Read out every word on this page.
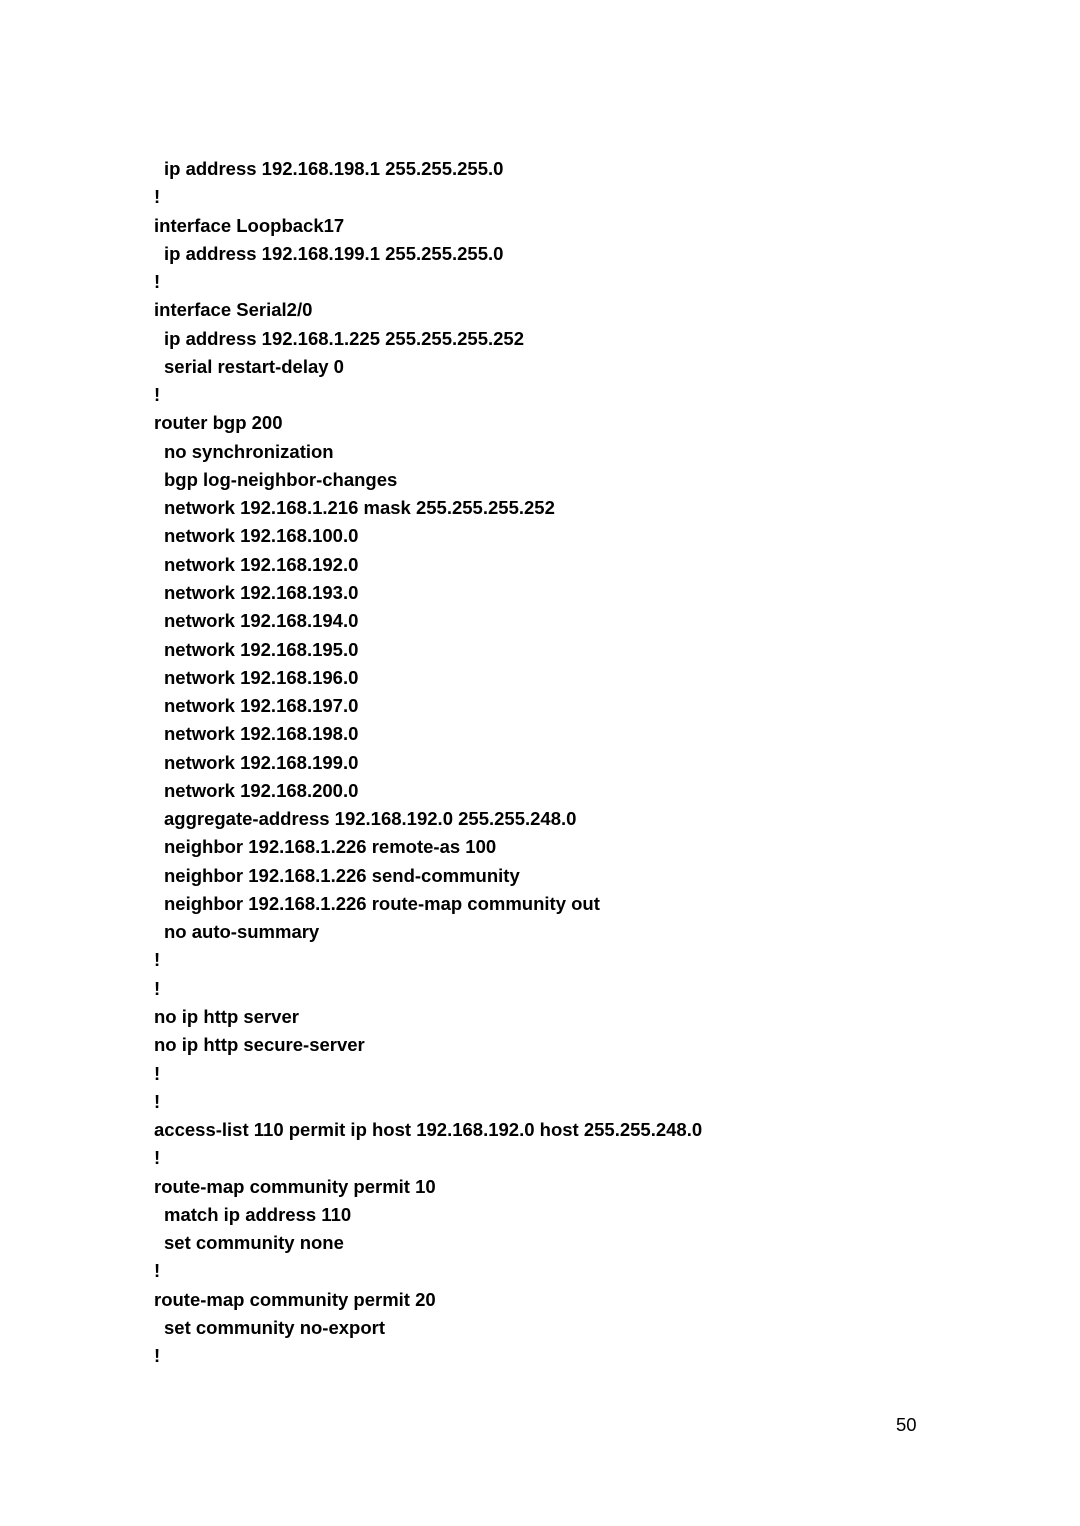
ip address 192.168.198.1 255.255.255.0
!
interface Loopback17
ip address 192.168.199.1 255.255.255.0
!
interface Serial2/0
ip address 192.168.1.225 255.255.255.252
serial restart-delay 0
!
router bgp 200
no synchronization
bgp log-neighbor-changes
network 192.168.1.216 mask 255.255.255.252
network 192.168.100.0
network 192.168.192.0
network 192.168.193.0
network 192.168.194.0
network 192.168.195.0
network 192.168.196.0
network 192.168.197.0
network 192.168.198.0
network 192.168.199.0
network 192.168.200.0
aggregate-address 192.168.192.0 255.255.248.0
neighbor 192.168.1.226 remote-as 100
neighbor 192.168.1.226 send-community
neighbor 192.168.1.226 route-map community out
no auto-summary
!
!
no ip http server
no ip http secure-server
!
!
access-list 110 permit ip host 192.168.192.0 host 255.255.248.0
!
route-map community permit 10
match ip address 110
set community none
!
route-map community permit 20
set community no-export
!
50
